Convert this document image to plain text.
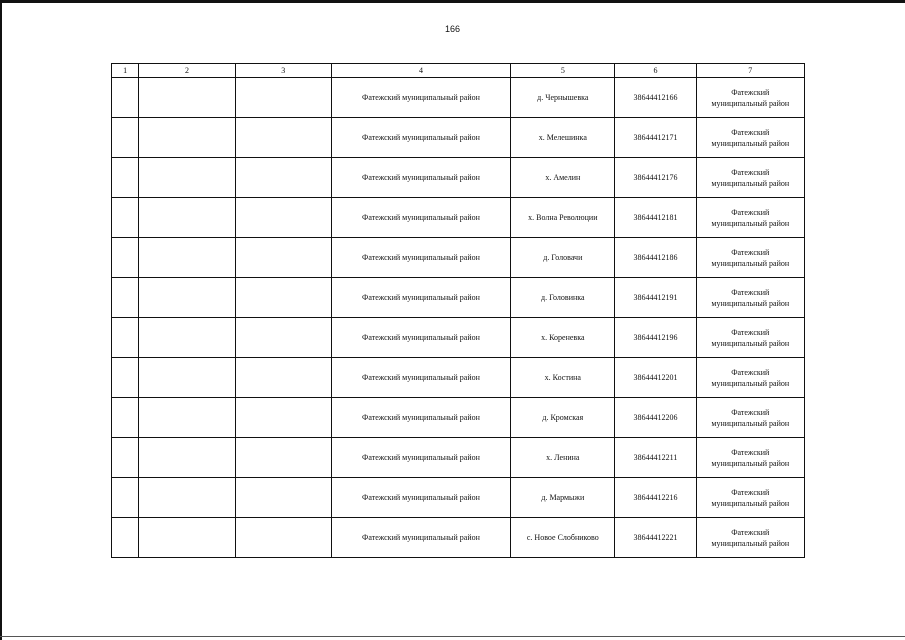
166
1	2	3	4	5	6	7
			Фатежский муниципальный район	д. Чернышевка	38644412166	Фатежский
муниципальный район

			Фатежский муниципальный район	х. Мелешинка	38644412171	Фатежский
муниципальный район

			Фатежский муниципальный район	х. Амелин	38644412176	Фатежский
муниципальный район

			Фатежский муниципальный район	х. Волна Революции	38644412181	Фатежский
муниципальный район

			Фатежский муниципальный район	д. Головачи	38644412186	Фатежский
муниципальный район

			Фатежский муниципальный район	д. Головинка	38644412191	Фатежский
муниципальный район

			Фатежский муниципальный район	х. Кореневка	38644412196	Фатежский
муниципальный район

			Фатежский муниципальный район	х. Костина	38644412201	Фатежский
муниципальный район

			Фатежский муниципальный район	д. Кромская	38644412206	Фатежский
муниципальный район

			Фатежский муниципальный район	х. Ленина	38644412211	Фатежский
муниципальный район

			Фатежский муниципальный район	д. Мармыжи	38644412216	Фатежский
муниципальный район

			Фатежский муниципальный район	с. Новое Слобниково	38644412221	Фатежский
муниципальный район
